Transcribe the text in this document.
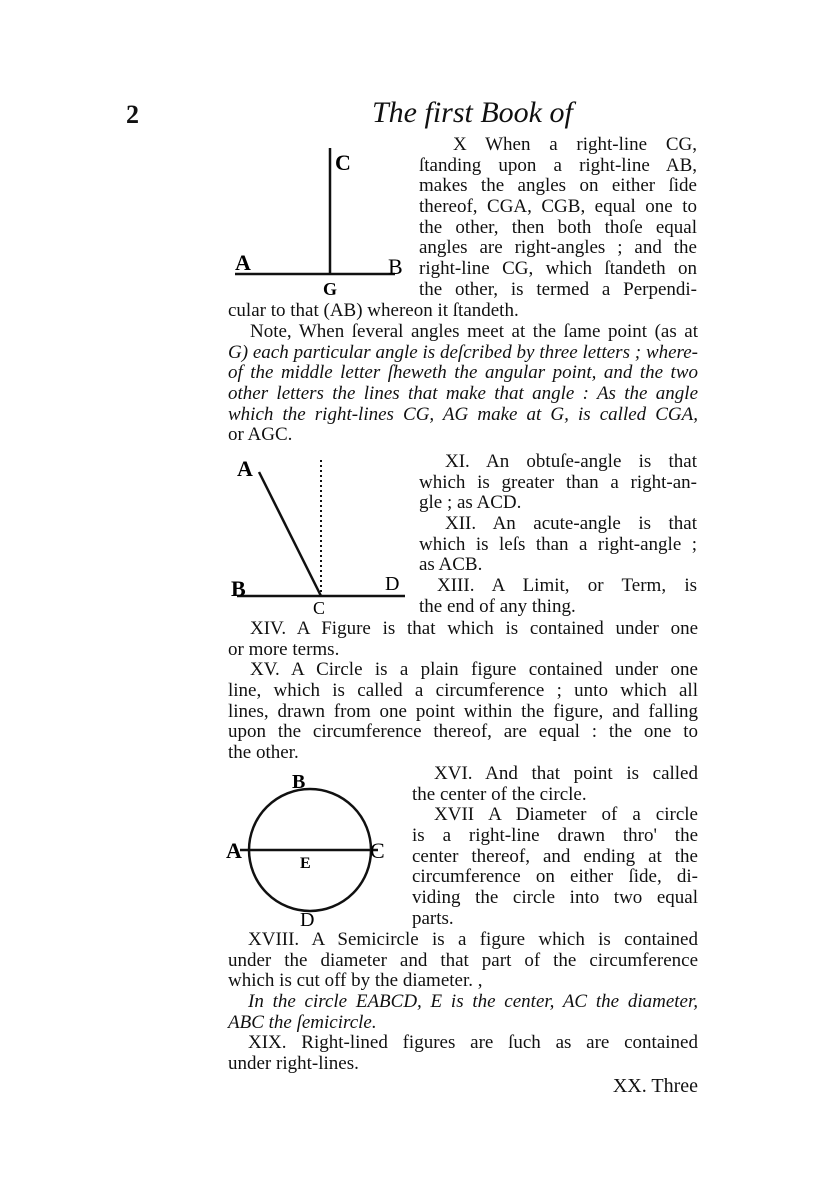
2	The first Book of
C
A	B
G
X When a right-line CG,
ſtanding upon a right-line AB,
makes the angles on either ſide
thereof, CGA, CGB, equal one to
the other, then both thoſe equal
angles are right-angles ; and the
right-line CG, which ſtandeth on
the other, is termed a Perpendi-
cular to that (AB) whereon it ſtandeth.
Note, When ſeveral angles meet at the ſame point (as at
G) each particular angle is deſcribed by three letters ; where-
of the middle letter ſheweth the angular point, and the two
other letters the lines that make that angle : As the angle
which the right-lines CG, AG make at G, is called CGA,
or AGC.
A
B	D
C
XI. An obtuſe-angle is that
which is greater than a right-an-
gle ; as ACD.
XII. An acute-angle is that
which is leſs than a right-angle ;
as ACB.
XIII. A Limit, or Term, is
the end of any thing.
XIV. A Figure is that which is contained under one
or more terms.
XV. A Circle is a plain figure contained under one
line, which is called a circumference ; unto which all
lines, drawn from one point within the figure, and falling
upon the circumference thereof, are equal : the one to
the other.
B
A	C
E
D
XVI. And that point is called
the center of the circle.
XVII A Diameter of a circle
is a right-line drawn thro' the
center thereof, and ending at the
circumference on either ſide, di-
viding the circle into two equal
parts.
XVIII. A Semicircle is a figure which is contained
under the diameter and that part of the circumference
which is cut off by the diameter. ,
In the circle EABCD, E is the center, AC the diameter,
ABC the ſemicircle.
XIX. Right-lined figures are ſuch as are contained
under right-lines.
XX. Three
